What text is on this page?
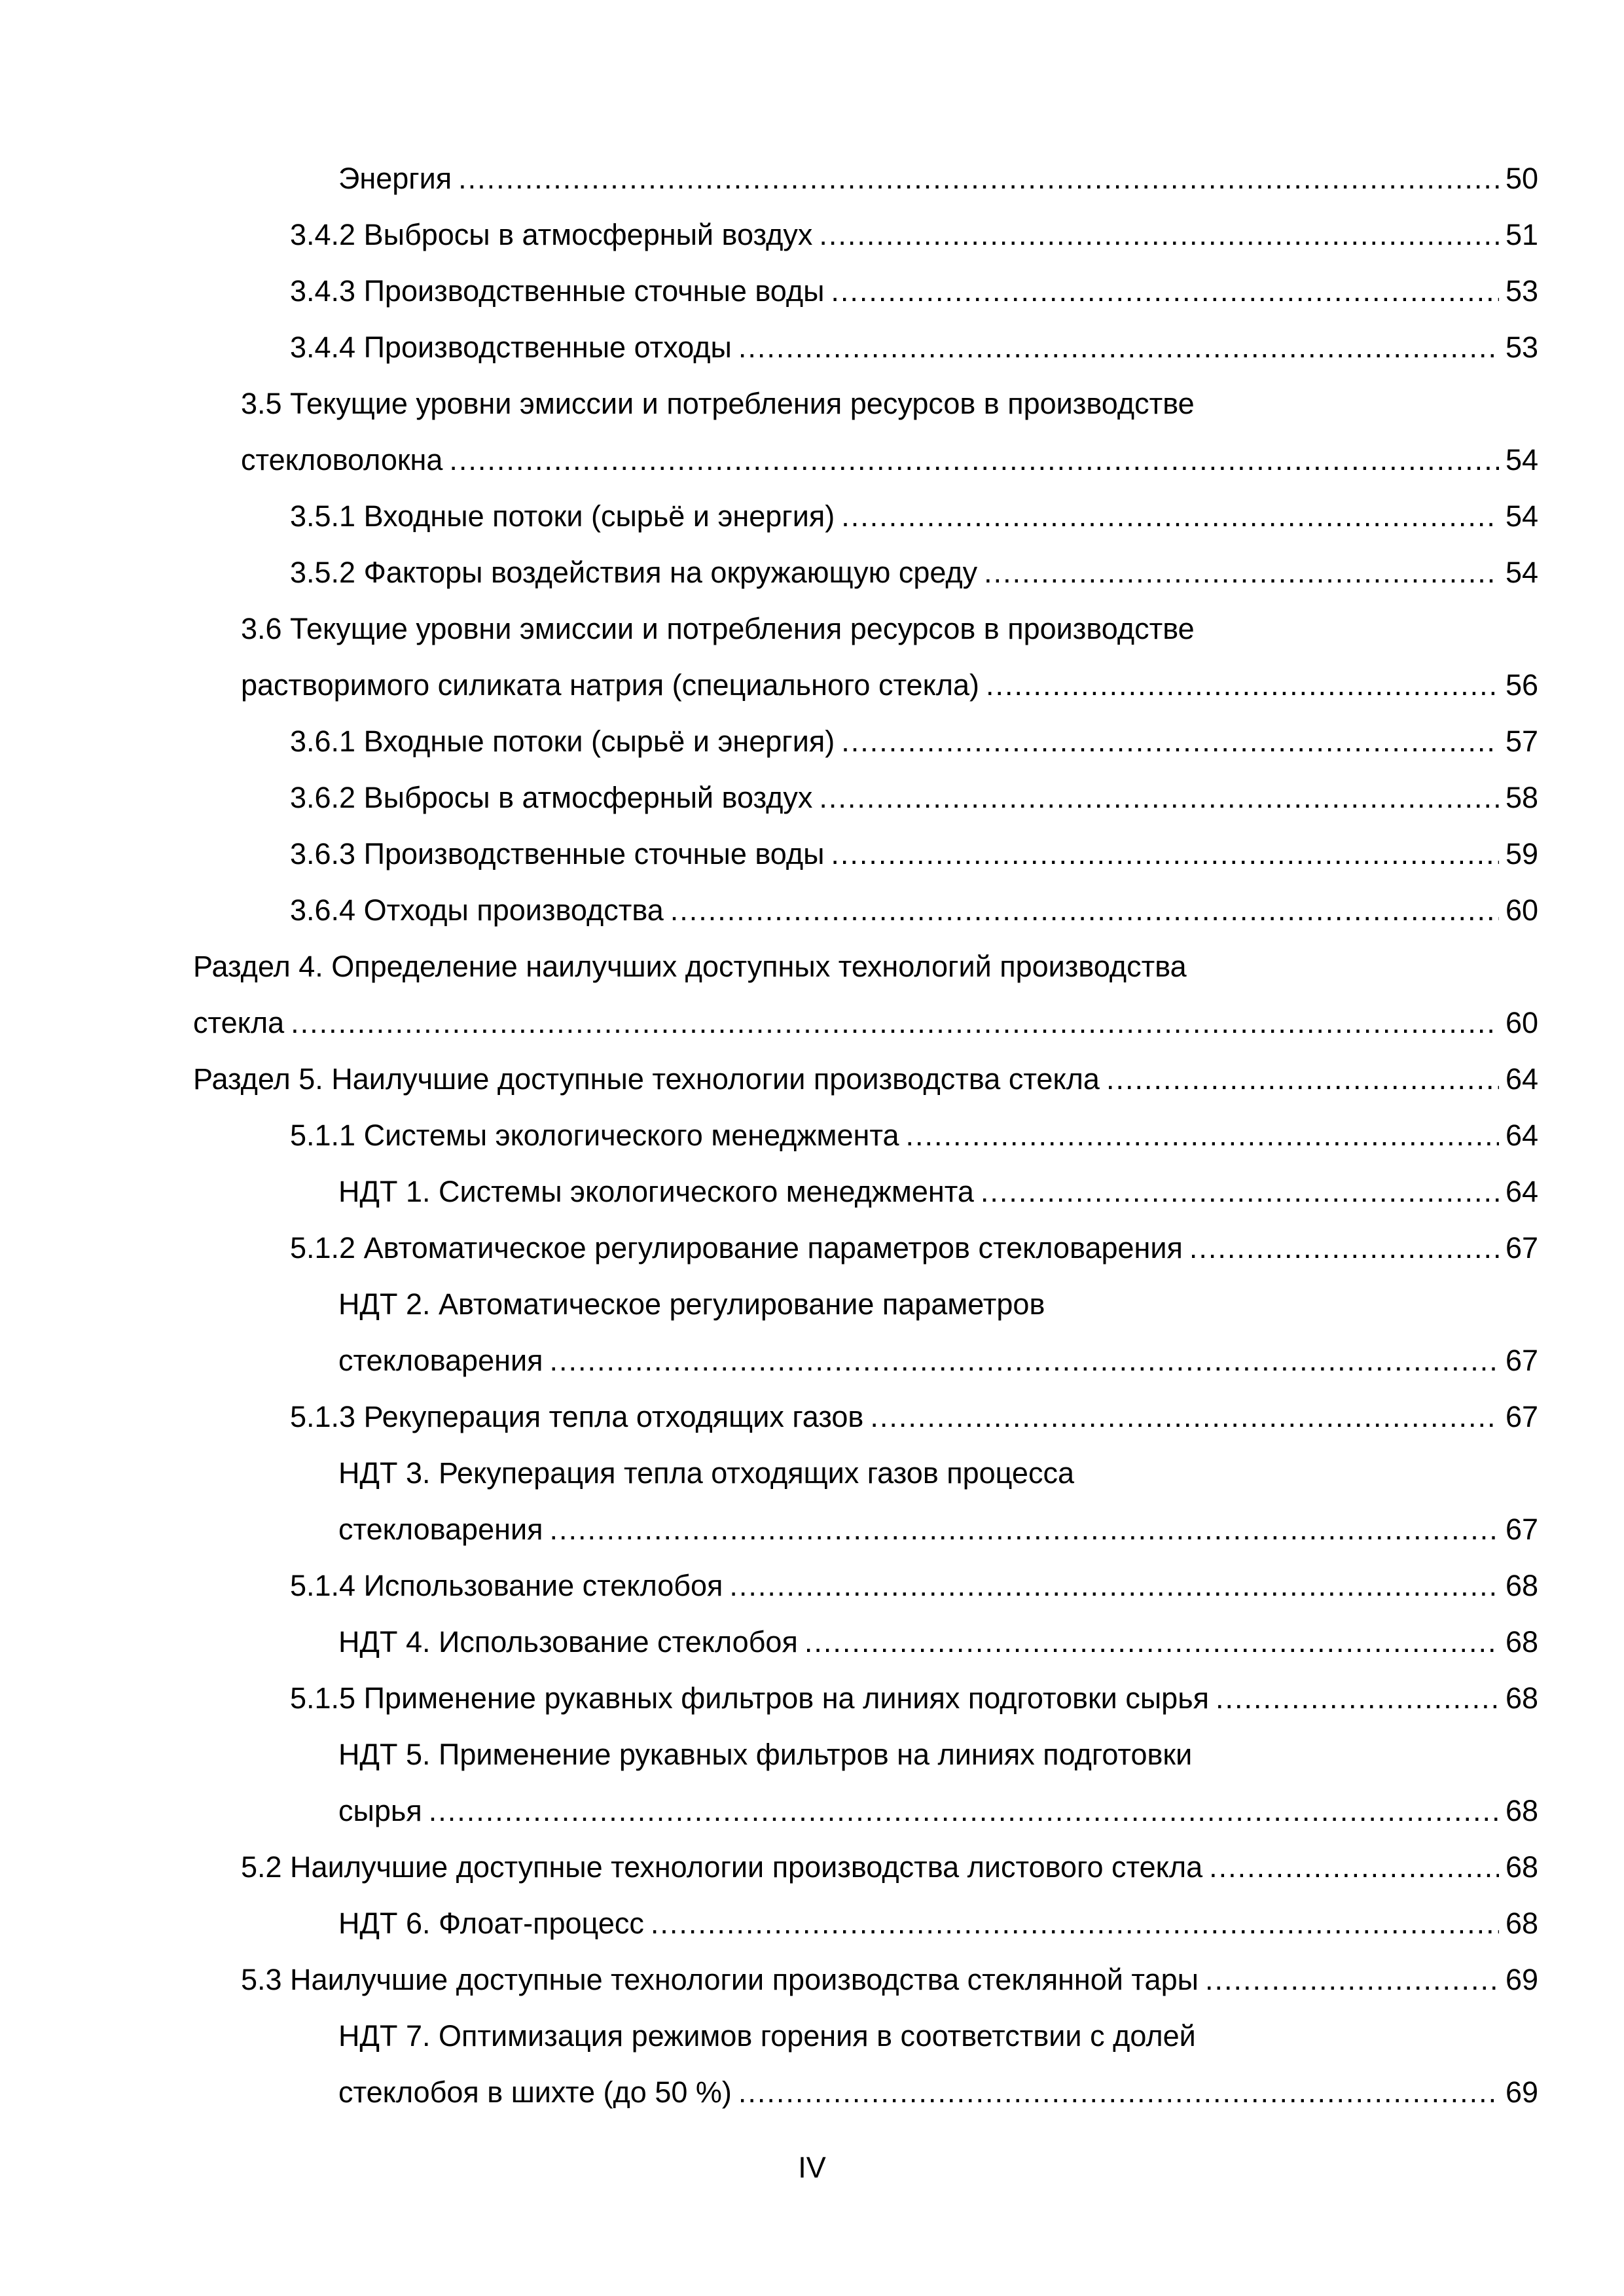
Энергия .....	50
3.4.2 Выбросы в атмосферный воздух .....	51
3.4.3 Производственные сточные воды .....	53
3.4.4 Производственные отходы .....	53
3.5 Текущие уровни эмиссии и потребления ресурсов в производстве
стекловолокна .....	54
3.5.1 Входные потоки (сырьё и энергия) .....	54
3.5.2 Факторы воздействия на окружающую среду .....	54
3.6 Текущие уровни эмиссии и потребления ресурсов в производстве
растворимого силиката натрия (специального стекла) .....	56
3.6.1 Входные потоки (сырьё и энергия) .....	57
3.6.2 Выбросы в атмосферный воздух .....	58
3.6.3 Производственные сточные воды .....	59
3.6.4 Отходы производства .....	60
Раздел 4. Определение наилучших доступных технологий производства
стекла .....	60
Раздел 5. Наилучшие доступные технологии производства стекла .....	64
5.1.1 Системы экологического менеджмента .....	64
НДТ 1. Системы экологического менеджмента .....	64
5.1.2 Автоматическое регулирование параметров стекловарения .....	67
НДТ 2. Автоматическое регулирование параметров
стекловарения .....	67
5.1.3 Рекуперация тепла отходящих газов .....	67
НДТ 3. Рекуперация тепла отходящих газов процесса
стекловарения .....	67
5.1.4 Использование стеклобоя .....	68
НДТ 4. Использование стеклобоя .....	68
5.1.5 Применение рукавных фильтров на линиях подготовки сырья .....	68
НДТ 5. Применение рукавных фильтров на линиях подготовки
сырья .....	68
5.2 Наилучшие доступные технологии производства листового стекла .....	68
НДТ 6. Флоат-процесс .....	68
5.3 Наилучшие доступные технологии производства стеклянной тары .....	69
НДТ 7. Оптимизация режимов горения в соответствии с долей
стеклобоя в шихте (до 50 %) .....	69
IV
